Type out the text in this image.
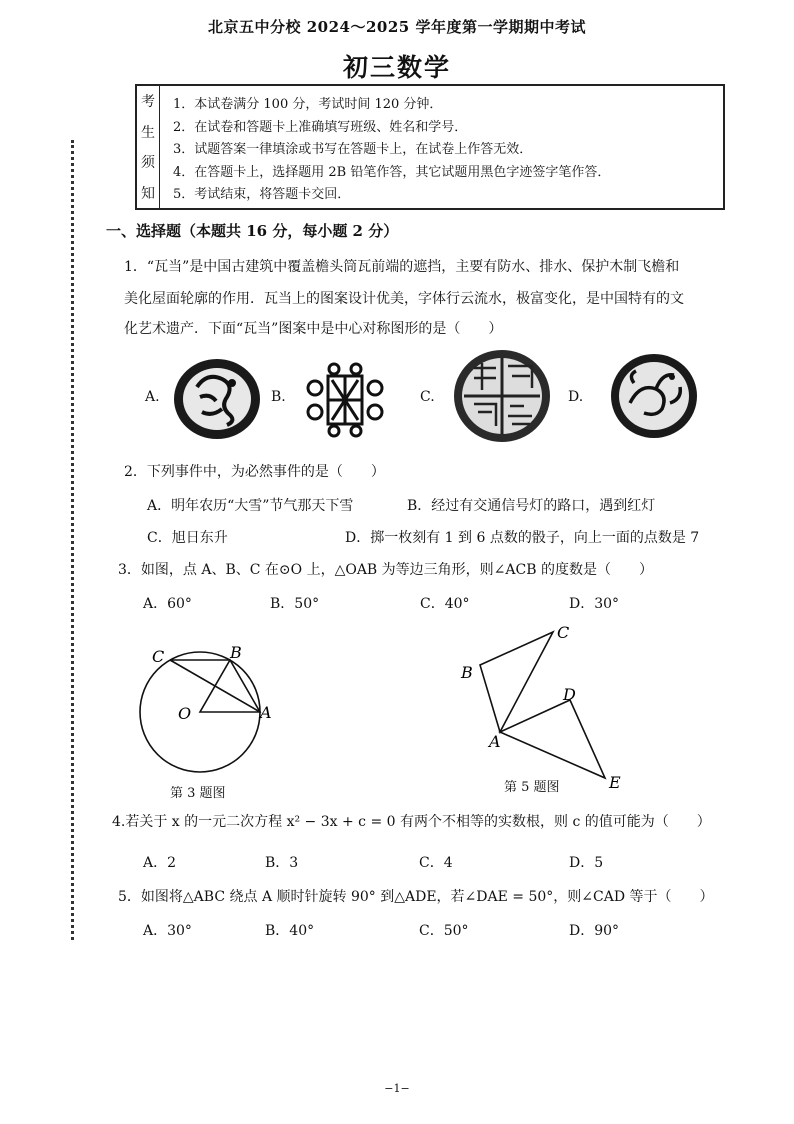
北京五中分校 2024～2025 学年度第一学期期中考试
初三数学
考
生
须
知
1．本试卷满分 100 分，考试时间 120 分钟．
2．在试卷和答题卡上准确填写班级、姓名和学号．
3．试题答案一律填涂或书写在答题卡上，在试卷上作答无效．
4．在答题卡上，选择题用 2B 铅笔作答，其它试题用黑色字迹签字笔作答．
5．考试结束，将答题卡交回．
一、选择题（本题共 16 分，每小题 2 分）
1．“瓦当”是中国古建筑中覆盖檐头筒瓦前端的遮挡，主要有防水、排水、保护木制飞檐和
美化屋面轮廓的作用．瓦当上的图案设计优美，字体行云流水，极富变化，是中国特有的文
化艺术遗产．下面“瓦当”图案中是中心对称图形的是（　　）
A.	B.	C.	D.
2．下列事件中，为必然事件的是（　　）
A．明年农历“大雪”节气那天下雪	B．经过有交通信号灯的路口，遇到红灯
C．旭日东升	D．掷一枚刻有 1 到 6 点数的骰子，向上一面的点数是 7
3．如图，点 A、B、C 在⊙O 上，△OAB 为等边三角形，则∠ACB 的度数是（　　）
A．60°	B．50°	C．40°	D．30°
C	B
O	A
第 3 题图
C
B
D
A
E
第 5 题图
4.若关于 x 的一元二次方程 x² − 3x + c = 0 有两个不相等的实数根，则 c 的值可能为（　　）
A．2	B．3	C．4	D．5
5．如图将△ABC 绕点 A 顺时针旋转 90° 到△ADE，若∠DAE = 50°，则∠CAD 等于（　　）
A．30°	B．40°	C．50°	D．90°
−1−
